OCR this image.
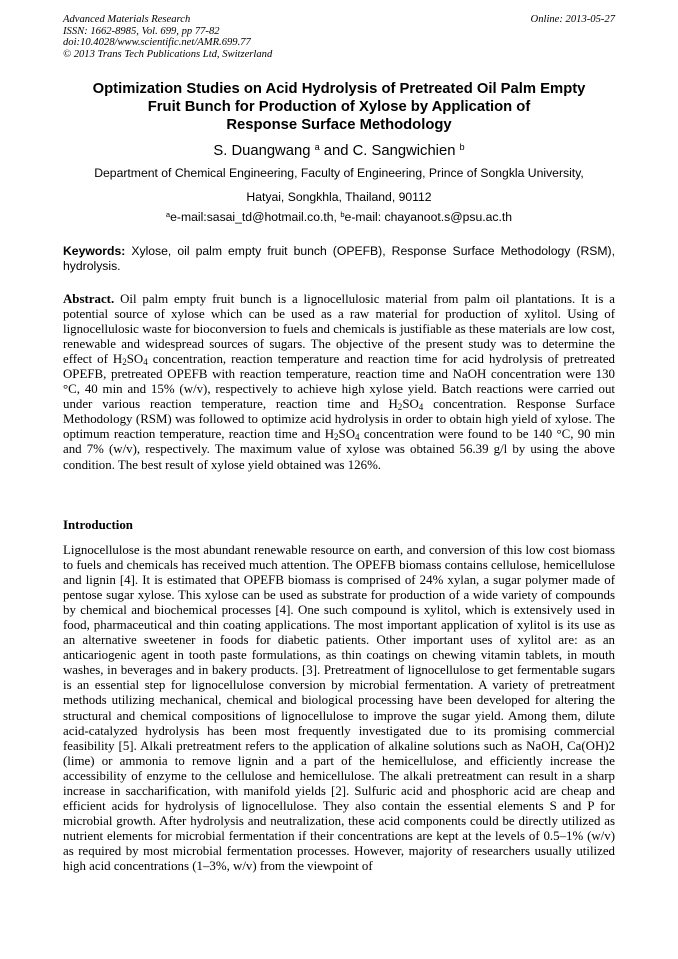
Advanced Materials Research
ISSN: 1662-8985, Vol. 699, pp 77-82
doi:10.4028/www.scientific.net/AMR.699.77
© 2013 Trans Tech Publications Ltd, Switzerland
Online: 2013-05-27
Optimization Studies on Acid Hydrolysis of Pretreated Oil Palm Empty
Fruit Bunch for Production of Xylose by Application of
Response Surface Methodology
S. Duangwang $^a$ and C. Sangwichien $^b$
Department of Chemical Engineering, Faculty of Engineering, Prince of Songkla University,
Hatyai, Songkhla, Thailand, 90112
$^a$e-mail:sasai_td@hotmail.co.th, $^b$e-mail: chayanoot.s@psu.ac.th
Keywords: Xylose, oil palm empty fruit bunch (OPEFB), Response Surface Methodology (RSM), hydrolysis.
Abstract. Oil palm empty fruit bunch is a lignocellulosic material from palm oil plantations. It is a potential source of xylose which can be used as a raw material for production of xylitol. Using of lignocellulosic waste for bioconversion to fuels and chemicals is justifiable as these materials are low cost, renewable and widespread sources of sugars. The objective of the present study was to determine the effect of $H_2SO_4$ concentration, reaction temperature and reaction time for acid hydrolysis of pretreated OPEFB, pretreated OPEFB with reaction temperature, reaction time and NaOH concentration were 130 °C, 40 min and 15% (w/v), respectively to achieve high xylose yield. Batch reactions were carried out under various reaction temperature, reaction time and $H_2SO_4$ concentration. Response Surface Methodology (RSM) was followed to optimize acid hydrolysis in order to obtain high yield of xylose. The optimum reaction temperature, reaction time and $H_2SO_4$ concentration were found to be 140 °C, 90 min and 7% (w/v), respectively. The maximum value of xylose was obtained 56.39 g/l by using the above condition. The best result of xylose yield obtained was 126%.
Introduction
Lignocellulose is the most abundant renewable resource on earth, and conversion of this low cost biomass to fuels and chemicals has received much attention. The OPEFB biomass contains cellulose, hemicellulose and lignin [4]. It is estimated that OPEFB biomass is comprised of 24% xylan, a sugar polymer made of pentose sugar xylose. This xylose can be used as substrate for production of a wide variety of compounds by chemical and biochemical processes [4]. One such compound is xylitol, which is extensively used in food, pharmaceutical and thin coating applications. The most important application of xylitol is its use as an alternative sweetener in foods for diabetic patients. Other important uses of xylitol are: as an anticariogenic agent in tooth paste formulations, as thin coatings on chewing vitamin tablets, in mouth washes, in beverages and in bakery products. [3]. Pretreatment of lignocellulose to get fermentable sugars is an essential step for lignocellulose conversion by microbial fermentation. A variety of pretreatment methods utilizing mechanical, chemical and biological processing have been developed for altering the structural and chemical compositions of lignocellulose to improve the sugar yield. Among them, dilute acid-catalyzed hydrolysis has been most frequently investigated due to its promising commercial feasibility [5]. Alkali pretreatment refers to the application of alkaline solutions such as NaOH, Ca(OH)2 (lime) or ammonia to remove lignin and a part of the hemicellulose, and efficiently increase the accessibility of enzyme to the cellulose and hemicellulose. The alkali pretreatment can result in a sharp increase in saccharification, with manifold yields [2]. Sulfuric acid and phosphoric acid are cheap and efficient acids for hydrolysis of lignocellulose. They also contain the essential elements S and P for microbial growth. After hydrolysis and neutralization, these acid components could be directly utilized as nutrient elements for microbial fermentation if their concentrations are kept at the levels of 0.5–1% (w/v) as required by most microbial fermentation processes. However, majority of researchers usually utilized high acid concentrations (1–3%, w/v) from the viewpoint of
